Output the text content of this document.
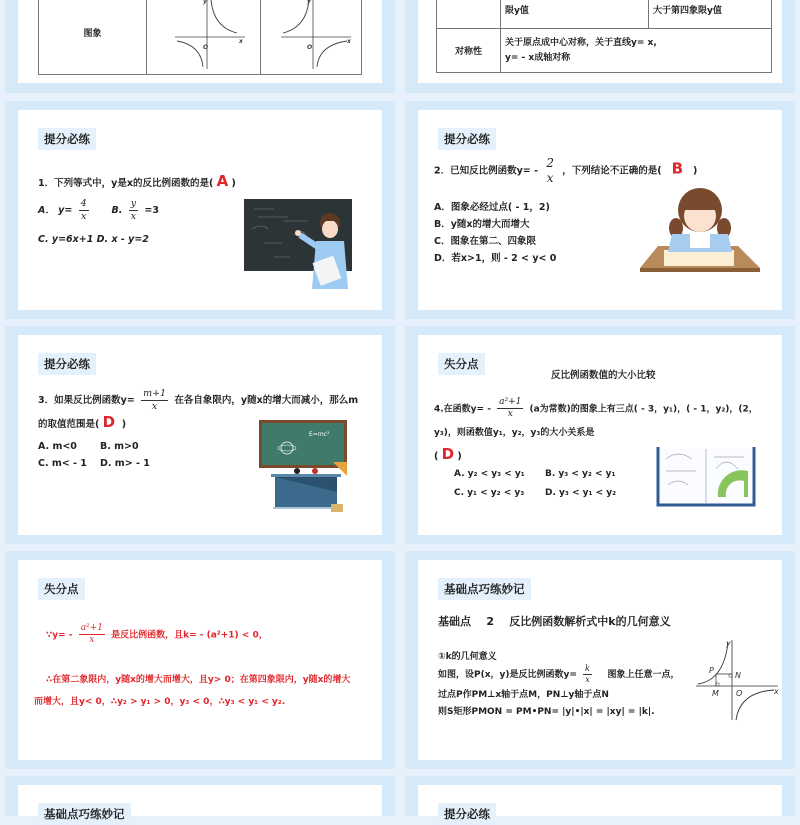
图象	
O
x
y

O
x
y
	限y值	大于第四象限y值
对称性	关于原点成中心对称，关于直线y= x,
y= - x成轴对称	
提分必练
1．下列等式中，y是x的反比例函数的是( A )
A． $y= \frac{4}{x} B$. $\frac{y}{x} =3$
C. y=6x+1 D. x - y=2
提分必练
2．已知反比例函数y= -
2
x ，下列结论不正确的是( B )
A．图象必经过点( - 1，2)
B．y随x的增大而增大
C．图象在第二、四象限
D．若x>1，则 - 2 < y< 0
提分必练
3．如果反比例函数$y= \frac{m+1}{x}$ 在各自象限内，y随x的增大而减小，那么m
的取值范围是( D )
A. m<0	B. m>0
C. m< - 1	D. m> - 1
E=mc²
失分点
反比例函数值的大小比较
4.在函数$y= - \frac{\text{a²+1}}{x} (a$为常数)的图象上有三点( - 3，y₁)，( - 1，y₂)，(2，
y₃)，则函数值y₁，y₂，y₃的大小关系是
( D )
A. y₂ < y₃ < y₁	B. y₃ < y₂ < y₁
C. y₁ < y₂ < y₃	D. y₃ < y₁ < y₂
失分点
∵y= - $\frac{\text{a²+1}}{x}$ 是反比例函数，且k= - (a²+1) < 0，
∴在第二象限内，y随x的增大而增大，且y> 0；在第四象限内，y随x的增大
而增大，且y< 0，∴y₂ > y₁ > 0，y₃ < 0，∴y₃ < y₁ < y₂.
基础点巧练妙记
基础点    2    反比例函数解析式中k的几何意义
①k的几何意义
如图，设P(x，y)是反比例函数$y= \frac{k}{x}$ 图象上任意一点，
过点P作PM⊥x轴于点M，PN⊥y轴于点N
则S矩形PMON = PM•PN= |y|•|x| = |xy| = |k|.
P
N
M O	x
y
基础点巧练妙记	提分必练
